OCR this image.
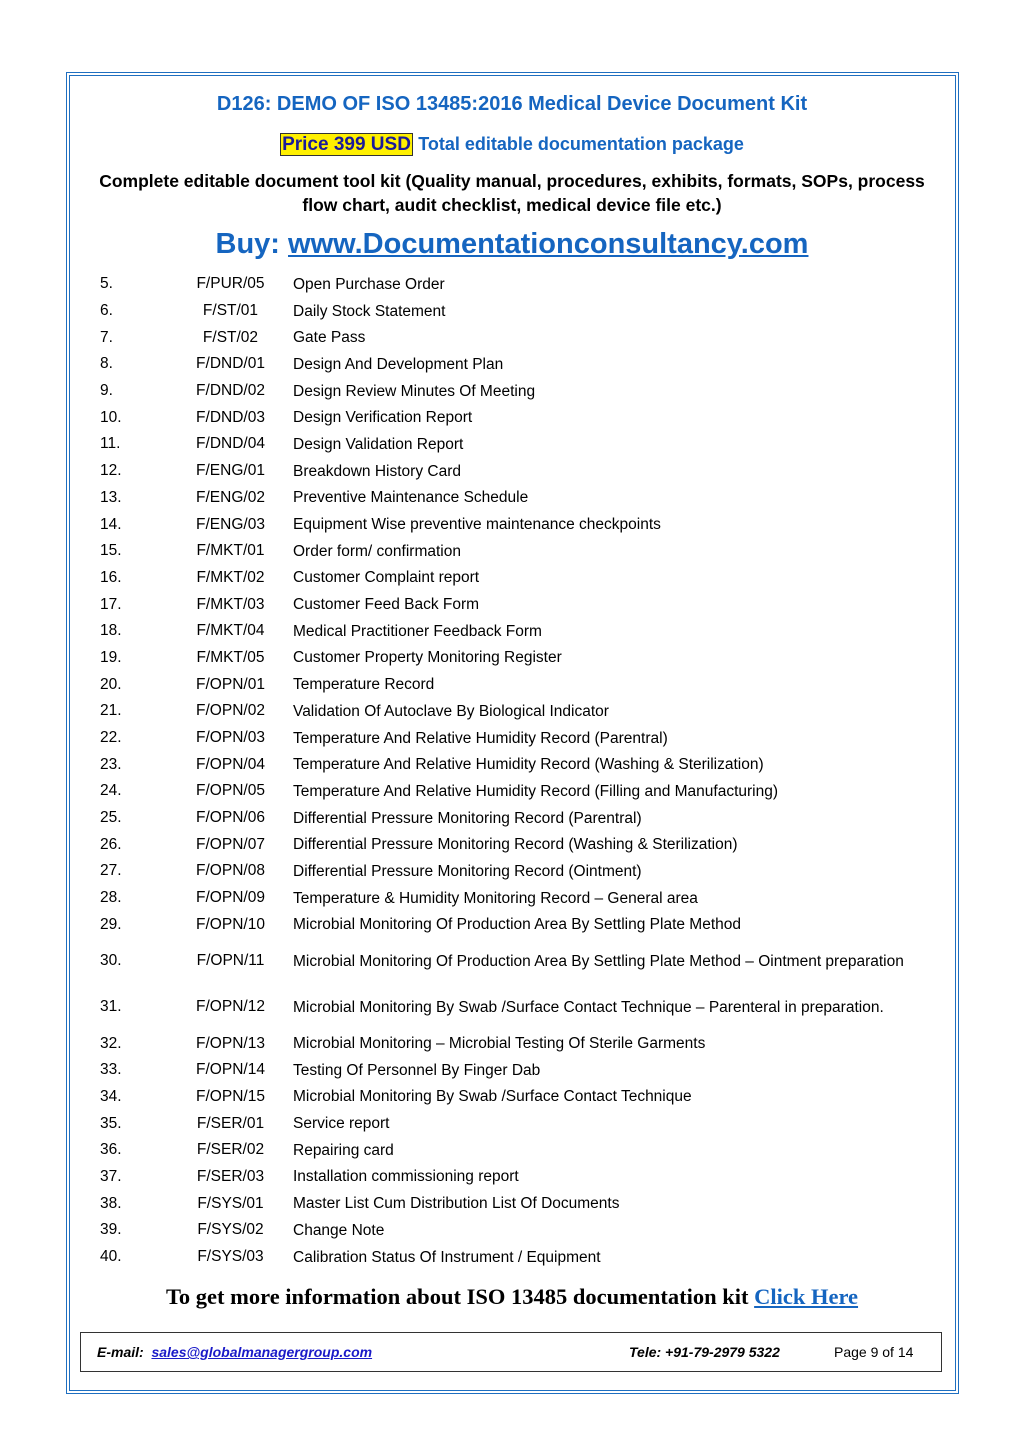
D126: DEMO OF ISO 13485:2016 Medical Device Document Kit
Price 399 USD Total editable documentation package
Complete editable document tool kit (Quality manual, procedures, exhibits, formats, SOPs, process flow chart, audit checklist, medical device file etc.)
Buy: www.Documentationconsultancy.com
5.	F/PUR/05	Open Purchase Order
6.	F/ST/01	Daily Stock Statement
7.	F/ST/02	Gate Pass
8.	F/DND/01	Design And Development Plan
9.	F/DND/02	Design Review Minutes Of Meeting
10.	F/DND/03	Design Verification Report
11.	F/DND/04	Design Validation Report
12.	F/ENG/01	Breakdown History Card
13.	F/ENG/02	Preventive Maintenance Schedule
14.	F/ENG/03	Equipment Wise preventive maintenance checkpoints
15.	F/MKT/01	Order form/ confirmation
16.	F/MKT/02	Customer Complaint report
17.	F/MKT/03	Customer Feed Back Form
18.	F/MKT/04	Medical Practitioner Feedback Form
19.	F/MKT/05	Customer Property Monitoring Register
20.	F/OPN/01	Temperature Record
21.	F/OPN/02	Validation Of Autoclave By Biological Indicator
22.	F/OPN/03	Temperature And Relative Humidity Record (Parentral)
23.	F/OPN/04	Temperature And Relative Humidity Record (Washing & Sterilization)
24.	F/OPN/05	Temperature And Relative Humidity Record (Filling and Manufacturing)
25.	F/OPN/06	Differential Pressure Monitoring Record (Parentral)
26.	F/OPN/07	Differential Pressure Monitoring Record (Washing & Sterilization)
27.	F/OPN/08	Differential Pressure Monitoring Record (Ointment)
28.	F/OPN/09	Temperature & Humidity Monitoring Record – General area
29.	F/OPN/10	Microbial Monitoring Of Production Area By Settling Plate Method
30.	F/OPN/11	Microbial Monitoring Of Production Area By Settling Plate Method – Ointment preparation
31.	F/OPN/12	Microbial Monitoring By Swab /Surface Contact Technique – Parenteral in preparation.
32.	F/OPN/13	Microbial Monitoring – Microbial Testing Of Sterile Garments
33.	F/OPN/14	Testing Of Personnel By Finger Dab
34.	F/OPN/15	Microbial Monitoring By Swab /Surface Contact Technique
35.	F/SER/01	Service report
36.	F/SER/02	Repairing card
37.	F/SER/03	Installation commissioning report
38.	F/SYS/01	Master List Cum Distribution List Of Documents
39.	F/SYS/02	Change Note
40.	F/SYS/03	Calibration Status Of Instrument / Equipment
To get more information about ISO 13485 documentation kit Click Here
E-mail: sales@globalmanagergroup.com	Tele: +91-79-2979 5322	Page 9 of 14
